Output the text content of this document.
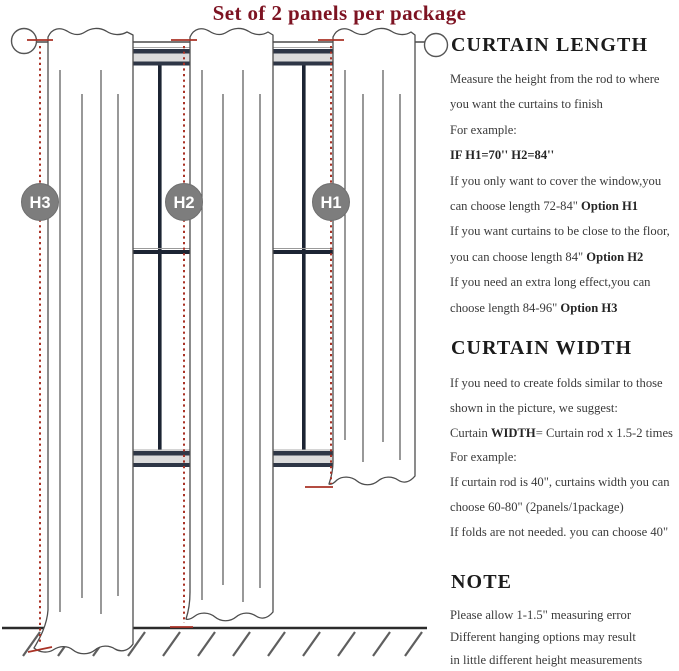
Set of 2 panels per package
H3	H2	H1
CURTAIN LENGTH

Measure the height from the rod to where

you want the curtains to finish

For example:

IF H1=70'' H2=84''

If you only want to cover the window,you

can choose length 72-84" Option H1

If you want curtains to be close to the floor,

you can choose length 84" Option H2

If you need an extra long effect,you can

choose length 84-96" Option H3

CURTAIN WIDTH

If you need to create folds similar to those

shown in the picture, we suggest:

Curtain WIDTH= Curtain rod x 1.5-2 times

For example:

If curtain rod is 40", curtains width you can

choose 60-80" (2panels/1package)

If folds are not needed. you can choose 40"

NOTE

Please allow 1-1.5" measuring error

Different hanging options may result

in little different height measurements
